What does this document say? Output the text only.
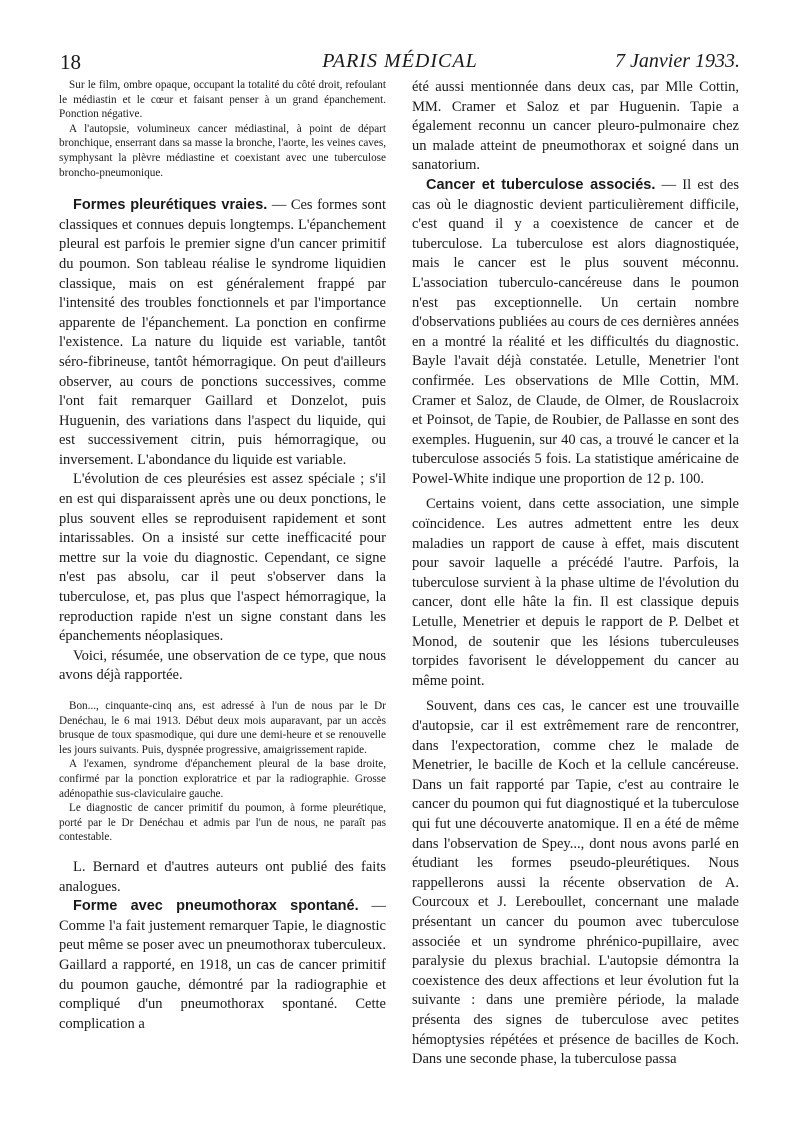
18	PARIS MÉDICAL	7 Janvier 1933.

Sur le film, ombre opaque, occupant la totalité du côté droit, refoulant le médiastin et le cœur et faisant penser à un grand épanchement. Ponction négative.

A l'autopsie, volumineux cancer médiastinal, à point de départ bronchique, enserrant dans sa masse la bronche, l'aorte, les veines caves, symphysant la plèvre médiastine et coexistant avec une tuberculose broncho-pneumonique.

Formes pleurétiques vraies. — Ces formes sont classiques et connues depuis longtemps. L'épanchement pleural est parfois le premier signe d'un cancer primitif du poumon. Son tableau réalise le syndrome liquidien classique, mais on est généralement frappé par l'intensité des troubles fonctionnels et par l'importance apparente de l'épanchement. La ponction en confirme l'existence. La nature du liquide est variable, tantôt séro-fibrineuse, tantôt hémorragique. On peut d'ailleurs observer, au cours de ponctions successives, comme l'ont fait remarquer Gaillard et Donzelot, puis Huguenin, des variations dans l'aspect du liquide, qui est successivement citrin, puis hémorragique, ou inversement. L'abondance du liquide est variable.

L'évolution de ces pleurésies est assez spéciale ; s'il en est qui disparaissent après une ou deux ponctions, le plus souvent elles se reproduisent rapidement et sont intarissables. On a insisté sur cette inefficacité pour mettre sur la voie du diagnostic. Cependant, ce signe n'est pas absolu, car il peut s'observer dans la tuberculose, et, pas plus que l'aspect hémorragique, la reproduction rapide n'est un signe constant dans les épanchements néoplasiques.

Voici, résumée, une observation de ce type, que nous avons déjà rapportée.

Bon..., cinquante-cinq ans, est adressé à l'un de nous par le Dr Denéchau, le 6 mai 1913. Début deux mois auparavant, par un accès brusque de toux spasmodique, qui dure une demi-heure et se renouvelle les jours suivants. Puis, dyspnée progressive, amaigrissement rapide.

A l'examen, syndrome d'épanchement pleural de la base droite, confirmé par la ponction exploratrice et par la radiographie. Grosse adénopathie sus-claviculaire gauche.

Le diagnostic de cancer primitif du poumon, à forme pleurétique, porté par le Dr Denéchau et admis par l'un de nous, ne paraît pas contestable.

L. Bernard et d'autres auteurs ont publié des faits analogues.

Forme avec pneumothorax spontané. — Comme l'a fait justement remarquer Tapie, le diagnostic peut même se poser avec un pneumothorax tuberculeux. Gaillard a rapporté, en 1918, un cas de cancer primitif du poumon gauche, démontré par la radiographie et compliqué d'un pneumothorax spontané. Cette complication a

été aussi mentionnée dans deux cas, par Mlle Cottin, MM. Cramer et Saloz et par Huguenin. Tapie a également reconnu un cancer pleuro-pulmonaire chez un malade atteint de pneumothorax et soigné dans un sanatorium.

Cancer et tuberculose associés. — Il est des cas où le diagnostic devient particulièrement difficile, c'est quand il y a coexistence de cancer et de tuberculose. La tuberculose est alors diagnostiquée, mais le cancer est le plus souvent méconnu. L'association tuberculo-cancéreuse dans le poumon n'est pas exceptionnelle. Un certain nombre d'observations publiées au cours de ces dernières années en a montré la réalité et les difficultés du diagnostic. Bayle l'avait déjà constatée. Letulle, Menetrier l'ont confirmée. Les observations de Mlle Cottin, MM. Cramer et Saloz, de Claude, de Olmer, de Rouslacroix et Poinsot, de Tapie, de Roubier, de Pallasse en sont des exemples. Huguenin, sur 40 cas, a trouvé le cancer et la tuberculose associés 5 fois. La statistique américaine de Powel-White indique une proportion de 12 p. 100.

Certains voient, dans cette association, une simple coïncidence. Les autres admettent entre les deux maladies un rapport de cause à effet, mais discutent pour savoir laquelle a précédé l'autre. Parfois, la tuberculose survient à la phase ultime de l'évolution du cancer, dont elle hâte la fin. Il est classique depuis Letulle, Menetrier et depuis le rapport de P. Delbet et Monod, de soutenir que les lésions tuberculeuses torpides favorisent le développement du cancer au même point.

Souvent, dans ces cas, le cancer est une trouvaille d'autopsie, car il est extrêmement rare de rencontrer, dans l'expectoration, comme chez le malade de Menetrier, le bacille de Koch et la cellule cancéreuse. Dans un fait rapporté par Tapie, c'est au contraire le cancer du poumon qui fut diagnostiqué et la tuberculose qui fut une découverte anatomique. Il en a été de même dans l'observation de Spey..., dont nous avons parlé en étudiant les formes pseudo-pleurétiques. Nous rappellerons aussi la récente observation de A. Courcoux et J. Lereboullet, concernant une malade présentant un cancer du poumon avec tuberculose associée et un syndrome phrénico-pupillaire, avec paralysie du plexus brachial. L'autopsie démontra la coexistence des deux affections et leur évolution fut la suivante : dans une première période, la malade présenta des signes de tuberculose avec petites hémoptysies répétées et présence de bacilles de Koch. Dans une seconde phase, la tuberculose passa
